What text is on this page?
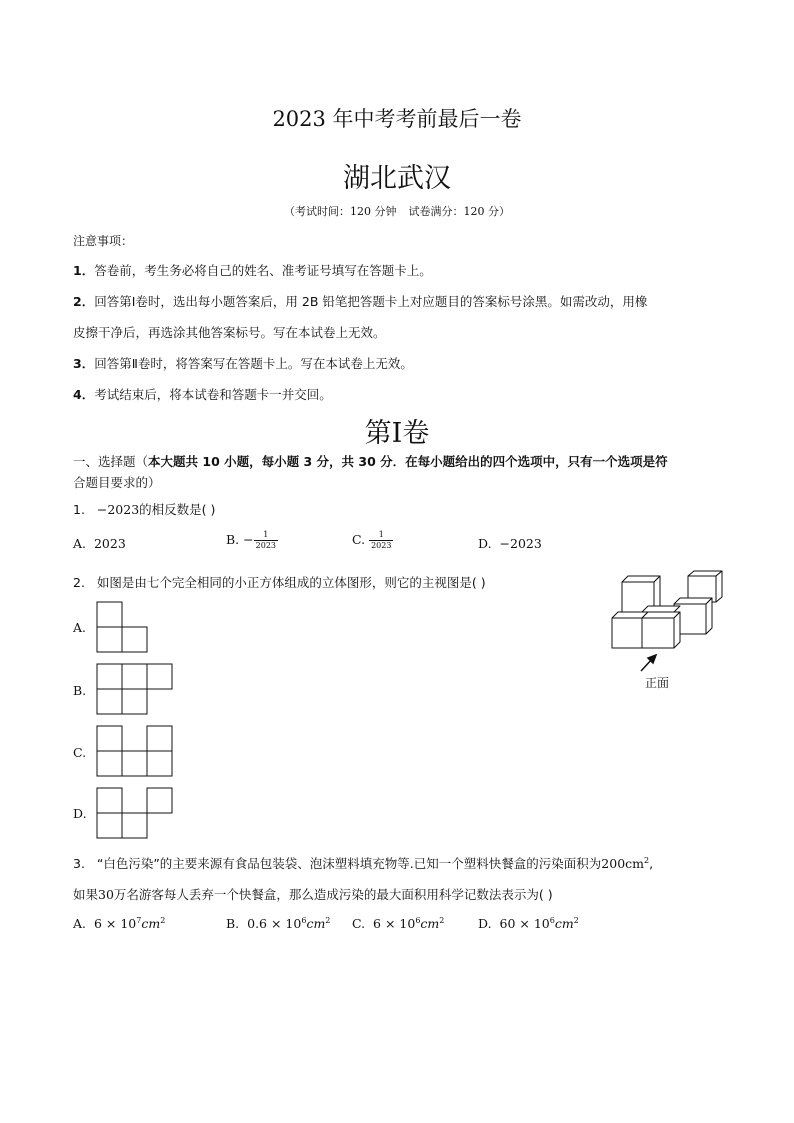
2023 年中考考前最后一卷
湖北武汉
（考试时间：120 分钟 试卷满分：120 分）
注意事项：
1．答卷前，考生务必将自己的姓名、准考证号填写在答题卡上。
2．回答第Ⅰ卷时，选出每小题答案后，用 2B 铅笔把答题卡上对应题目的答案标号涂黑。如需改动，用橡
皮擦干净后，再选涂其他答案标号。写在本试卷上无效。
3．回答第Ⅱ卷时，将答案写在答题卡上。写在本试卷上无效。
4．考试结束后，将本试卷和答题卡一并交回。
第Ⅰ卷
一、选择题（本大题共 10 小题，每小题 3 分，共 30 分．在每小题给出的四个选项中，只有一个选项是符
合题目要求的）
1. −2023的相反数是( )
A. 2023	B. − $\frac{1}{2023}$	C. $\frac{1}{2023}$	D. −2023
2. 如图是由七个完全相同的小正方体组成的立体图形，则它的主视图是( )
A.
B.
C.
D.
正面
3. “白色污染”的主要来源有食品包装袋、泡沫塑料填充物等.已知一个塑料快餐盒的污染面积为$200cm^2$,
如果30万名游客每人丢弃一个快餐盒，那么造成污染的最大面积用科学记数法表示为( )
A. $6 \times 10^7cm^2$	B. $0.6 \times 10^6cm^2$ C. $6 \times 10^6cm^2$	D. $60 \times 10^6cm^2$
